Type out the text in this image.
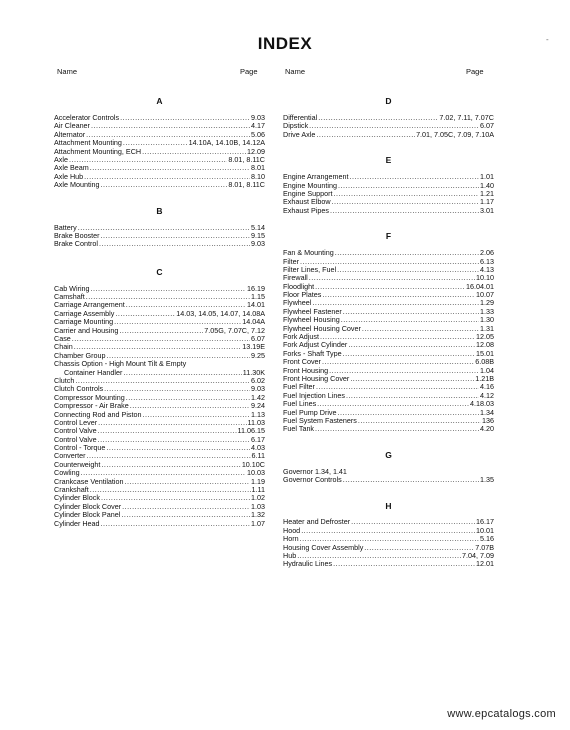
INDEX
Name	Page	Name	Page
A
Accelerator Controls .....	9.03
Air Cleaner .....	4.17
Alternator .....	5.06
Attachment Mounting .....	14.10A, 14.10B, 14.12A
Attachment Mounting, ECH .....	12.09
Axle .....	8.01, 8.11C
Axle Beam .....	8.01
Axle Hub .....	8.10
Axle Mounting .....	8.01, 8.11C
B
Battery .....	5.14
Brake Booster .....	9.15
Brake Control .....	9.03
C
Cab Wiring .....	16.19
Camshaft .....	1.15
Carriage Arrangement .....	14.01
Carriage Assembly .....	14.03, 14.05, 14.07, 14.08A
Carriage Mounting .....	14.04A
Carrier and Housing .....	7.05G, 7.07C, 7.12
Case .....	6.07
Chain .....	13.19E
Chamber Group .....	9.25
Chassis Option - High Mount Tilt & Empty
Container Handler .....	11.30K
Clutch .....	6.02
Clutch Controls .....	9.03
Compressor Mounting .....	1.42
Compressor - Air Brake .....	9.24
Connecting Rod and Piston .....	1.13
Control Lever .....	11.03
Control Valve .....	11.06.15
Control Valve .....	6.17
Control - Torque .....	4.03
Converter .....	6.11
Counterweight .....	10.10C
Cowling .....	10.03
Crankcase Ventilation .....	1.19
Crankshaft .....	1.11
Cylinder Block .....	1.02
Cylinder Block Cover .....	1.03
Cylinder Block Panel .....	1.32
Cylinder Head .....	1.07
D
Differential .....	7.02, 7.11, 7.07C
Dipstick .....	6.07
Drive Axle .....	7.01, 7.05C, 7.09, 7.10A
E
Engine Arrangement .....	1.01
Engine Mounting .....	1.40
Engine Support .....	1.21
Exhaust Elbow .....	1.17
Exhaust Pipes .....	3.01
F
Fan & Mounting .....	2.06
Filter .....	6.13
Filter Lines, Fuel .....	4.13
Firewall .....	10.10
Floodlight .....	16.04.01
Floor Plates .....	10.07
Flywheel .....	1.29
Flywheel Fastener .....	1.33
Flywheel Housing .....	1.30
Flywheel Housing Cover .....	1.31
Fork Adjust .....	12.05
Fork Adjust Cylinder .....	12.08
Forks - Shaft Type .....	15.01
Front Cover .....	6.08B
Front Housing .....	1.04
Front Housing Cover .....	1.21B
Fuel Filter .....	4.16
Fuel Injection Lines .....	4.12
Fuel Lines .....	4.18.03
Fuel Pump Drive .....	1.34
Fuel System Fasteners .....	136
Fuel Tank .....	4.20
G
Governor 1.34, 1.41
Governor Controls .....	1.35
H
Heater and Defroster .....	16.17
Hood .....	10.01
Horn .....	5.16
Housing Cover Assembly .....	7.07B
Hub .....	7.04, 7.09
Hydraulic Lines .....	12.01
-
www.epcatalogs.com
